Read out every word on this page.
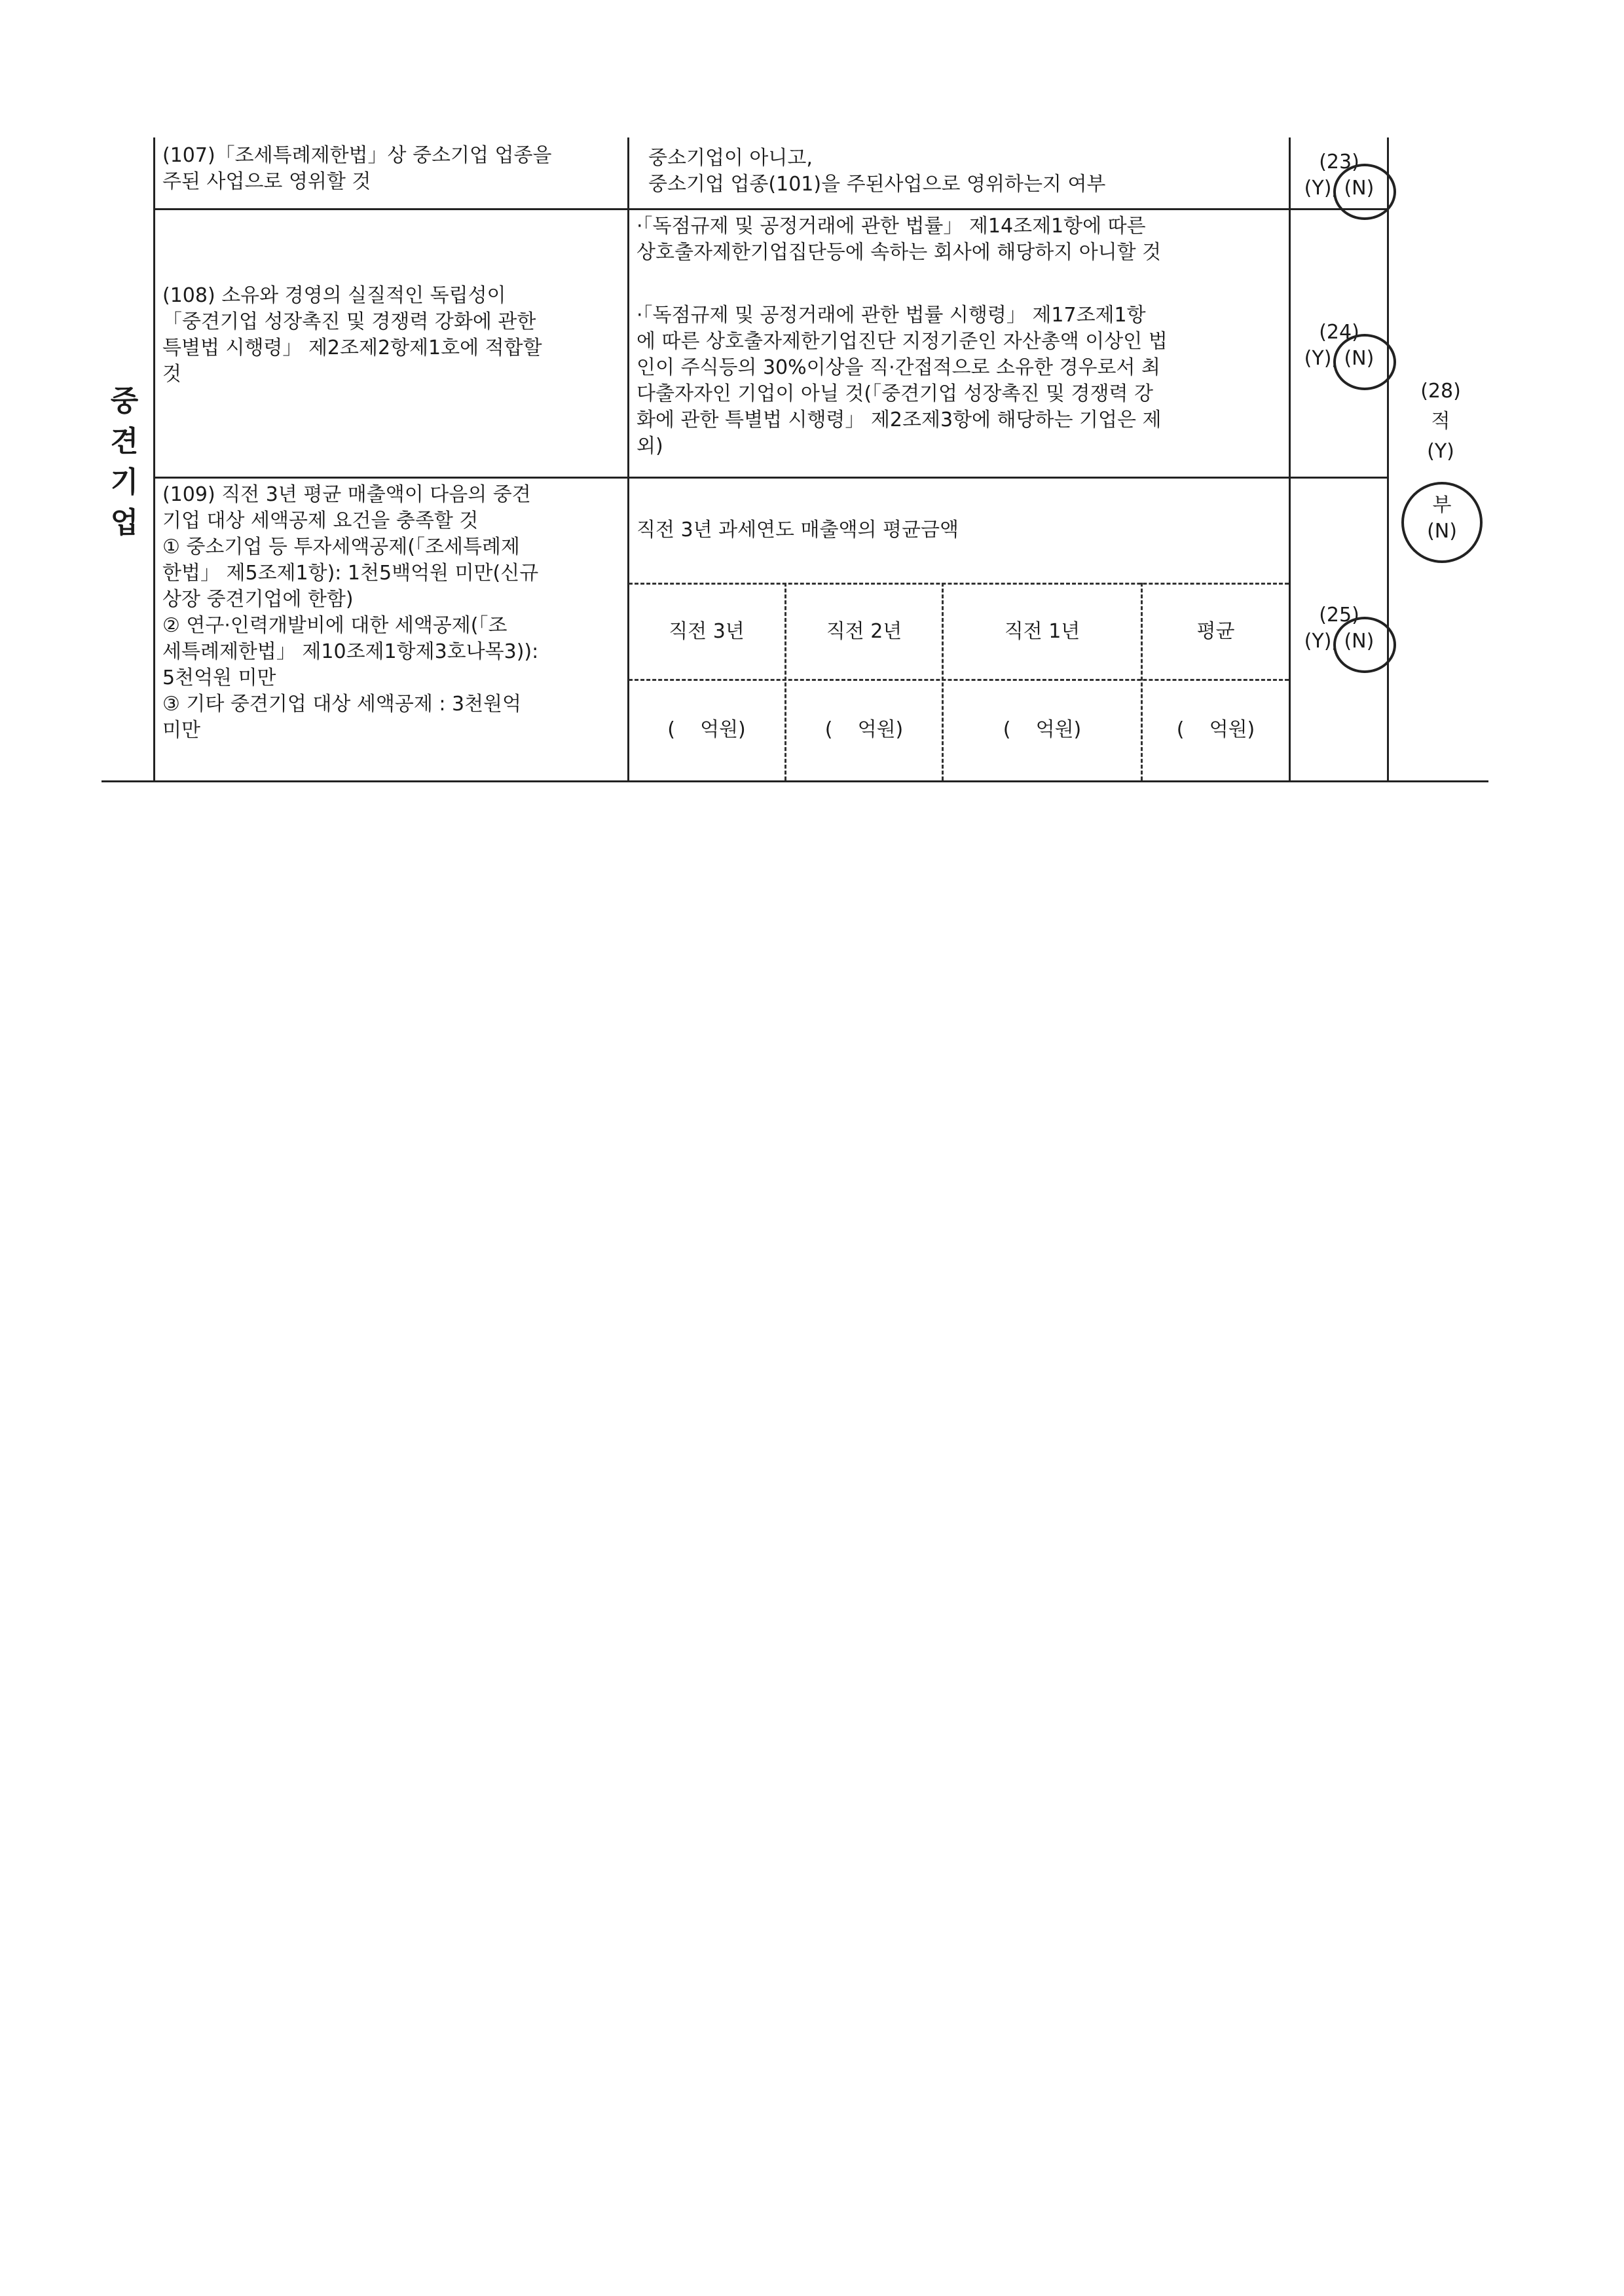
중
견
기
업
(107)「조세특례제한법」상 중소기업 업종을
주된 사업으로 영위할 것
중소기업이 아니고,
중소기업 업종(101)을 주된사업으로 영위하는지 여부
(23)
(Y), (N)
(108) 소유와 경영의 실질적인 독립성이
「중견기업 성장촉진 및 경쟁력 강화에 관한
특별법 시행령」 제2조제2항제1호에 적합할
것
·「독점규제 및 공정거래에 관한 법률」 제14조제1항에 따른
상호출자제한기업집단등에 속하는 회사에 해당하지 아니할 것
·「독점규제 및 공정거래에 관한 법률 시행령」 제17조제1항
에 따른 상호출자제한기업진단 지정기준인 자산총액 이상인 법
인이 주식등의 30%이상을 직·간접적으로 소유한 경우로서 최
다출자자인 기업이 아닐 것(「중견기업 성장촉진 및 경쟁력 강
화에 관한 특별법 시행령」 제2조제3항에 해당하는 기업은 제
외)
(24)
(Y), (N)
(28)
적
(Y)
부
(N)
(109) 직전 3년 평균 매출액이 다음의 중견
기업 대상 세액공제 요건을 충족할 것
① 중소기업 등 투자세액공제(「조세특례제
한법」 제5조제1항): 1천5백억원 미만(신규
상장 중견기업에 한함)
② 연구·인력개발비에 대한 세액공제(「조
세특례제한법」 제10조제1항제3호나목3)):
5천억원 미만
③ 기타 중견기업 대상 세액공제 : 3천원억
미만
직전 3년 과세연도 매출액의 평균금액
직전 3년	직전 2년	직전 1년	평균
(    억원)	(    억원)	(    억원)	(    억원)
(25)
(Y), (N)
